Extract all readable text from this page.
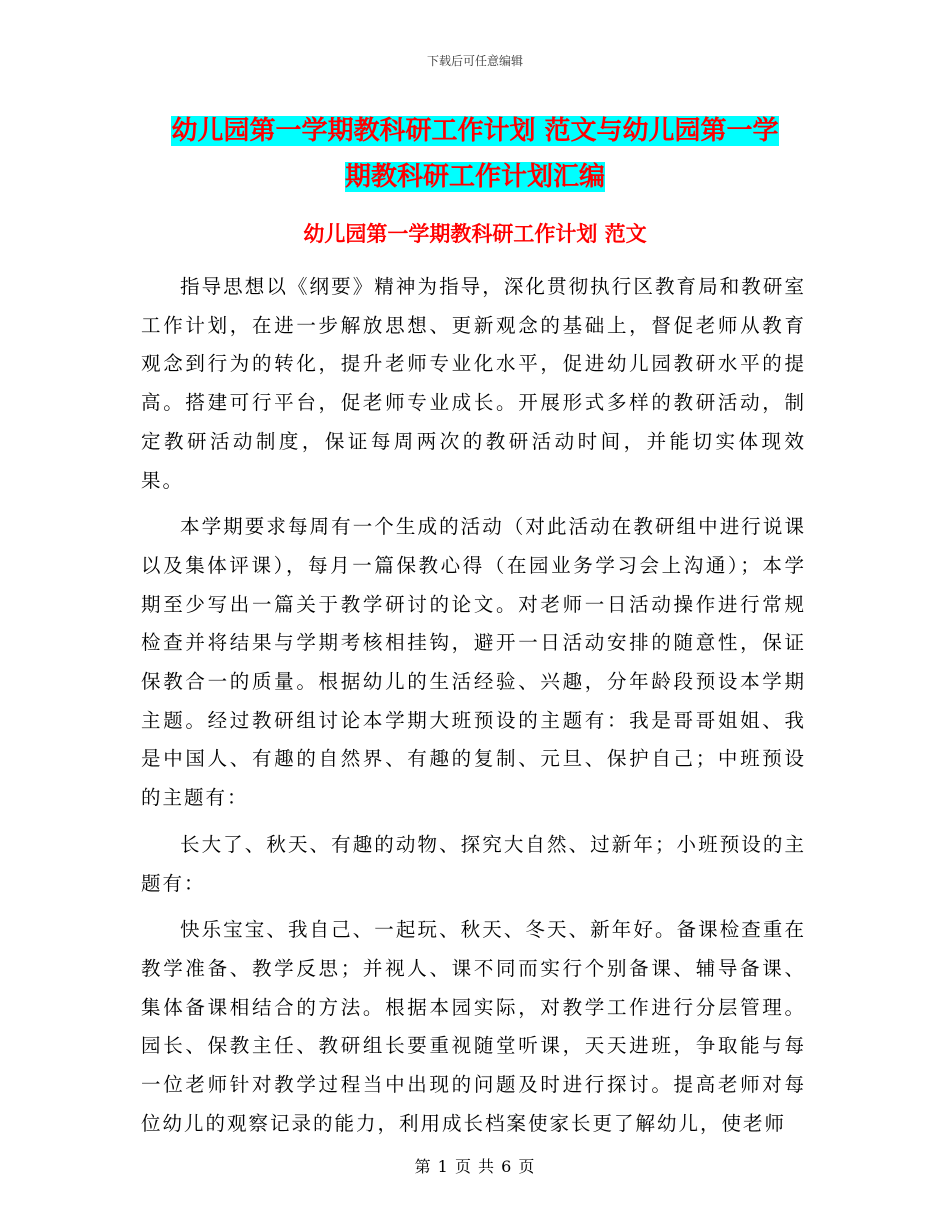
下载后可任意编辑
幼儿园第一学期教科研工作计划 范文与幼儿园第一学
期教科研工作计划汇编
幼儿园第一学期教科研工作计划 范文

指导思想以《纲要》精神为指导，深化贯彻执行区教育局和教研室工作计划，在进一步解放思想、更新观念的基础上，督促老师从教育观念到行为的转化，提升老师专业化水平，促进幼儿园教研水平的提高。搭建可行平台，促老师专业成长。开展形式多样的教研活动，制定教研活动制度，保证每周两次的教研活动时间，并能切实体现效果。

本学期要求每周有一个生成的活动（对此活动在教研组中进行说课以及集体评课），每月一篇保教心得（在园业务学习会上沟通）；本学期至少写出一篇关于教学研讨的论文。对老师一日活动操作进行常规检查并将结果与学期考核相挂钩，避开一日活动安排的随意性，保证保教合一的质量。根据幼儿的生活经验、兴趣，分年龄段预设本学期主题。经过教研组讨论本学期大班预设的主题有：我是哥哥姐姐、我是中国人、有趣的自然界、有趣的复制、元旦、保护自己；中班预设的主题有：

长大了、秋天、有趣的动物、探究大自然、过新年；小班预设的主题有：

快乐宝宝、我自己、一起玩、秋天、冬天、新年好。备课检查重在教学准备、教学反思；并视人、课不同而实行个别备课、辅导备课、集体备课相结合的方法。根据本园实际，对教学工作进行分层管理。园长、保教主任、教研组长要重视随堂听课，天天进班，争取能与每一位老师针对教学过程当中出现的问题及时进行探讨。提高老师对每位幼儿的观察记录的能力，利用成长档案使家长更了解幼儿，使老师

第 1 页 共 6 页
